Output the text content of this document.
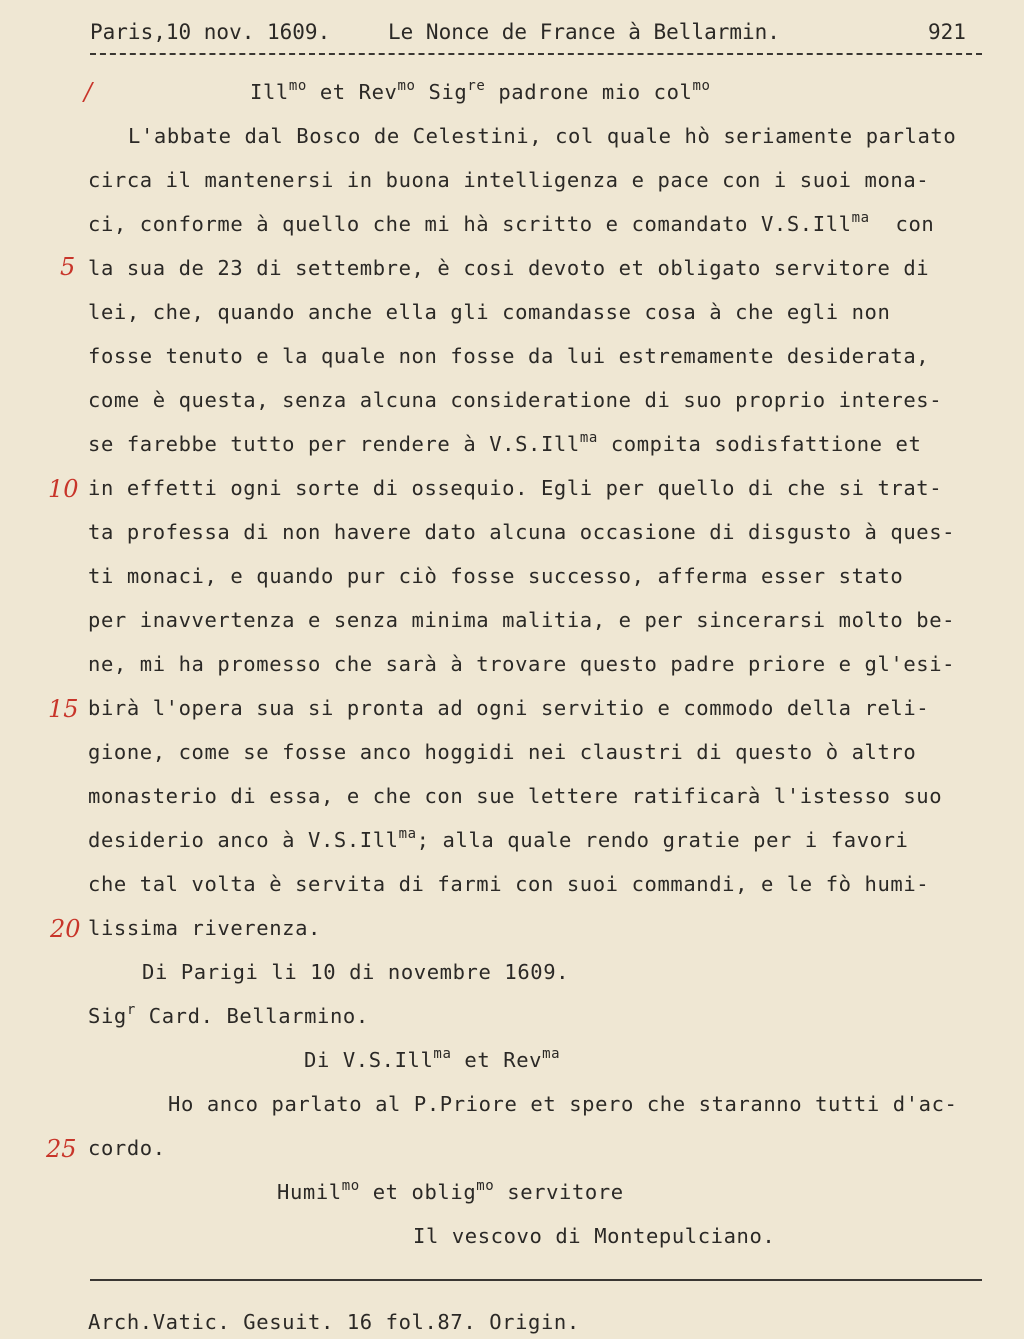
Paris,10 nov. 1609.	Le Nonce de France à Bellarmin.	921
/
5
10
15
20
25
Ill$^{mo}$ et Rev$^{mo}$ Sig$^{re}$ padrone mio col$^{mo}$
L'abbate dal Bosco de Celestini, col quale hò seriamente parlato
circa il mantenersi in buona intelligenza e pace con i suoi mona-
ci, conforme à quello che mi hà scritto e comandato V.S.Ill$^{ma}$  con
la sua de 23 di settembre, è cosi devoto et obligato servitore di
lei, che, quando anche ella gli comandasse cosa à che egli non
fosse tenuto e la quale non fosse da lui estremamente desiderata,
come è questa, senza alcuna consideratione di suo proprio interes-
se farebbe tutto per rendere à V.S.Ill$^{ma}$ compita sodisfattione et
in effetti ogni sorte di ossequio. Egli per quello di che si trat-
ta professa di non havere dato alcuna occasione di disgusto à ques-
ti monaci, e quando pur ciò fosse successo, afferma esser stato
per inavvertenza e senza minima malitia, e per sincerarsi molto be-
ne, mi ha promesso che sarà à trovare questo padre priore e gl'esi-
birà l'opera sua si pronta ad ogni servitio e commodo della reli-
gione, come se fosse anco hoggidi nei claustri di questo ò altro
monasterio di essa, e che con sue lettere ratificarà l'istesso suo
desiderio anco à V.S.Ill$^{ma}$; alla quale rendo gratie per i favori
che tal volta è servita di farmi con suoi commandi, e le fò humi-
lissima riverenza.
Di Parigi li 10 di novembre 1609.
Sig$^r$ Card. Bellarmino.
Di V.S.Ill$^{ma}$ et Rev$^{ma}$
Ho anco parlato al P.Priore et spero che staranno tutti d'ac-
cordo.
Humil$^{mo}$ et oblig$^{mo}$ servitore
Il vescovo di Montepulciano.
Arch.Vatic. Gesuit. 16 fol.87. Origin.
